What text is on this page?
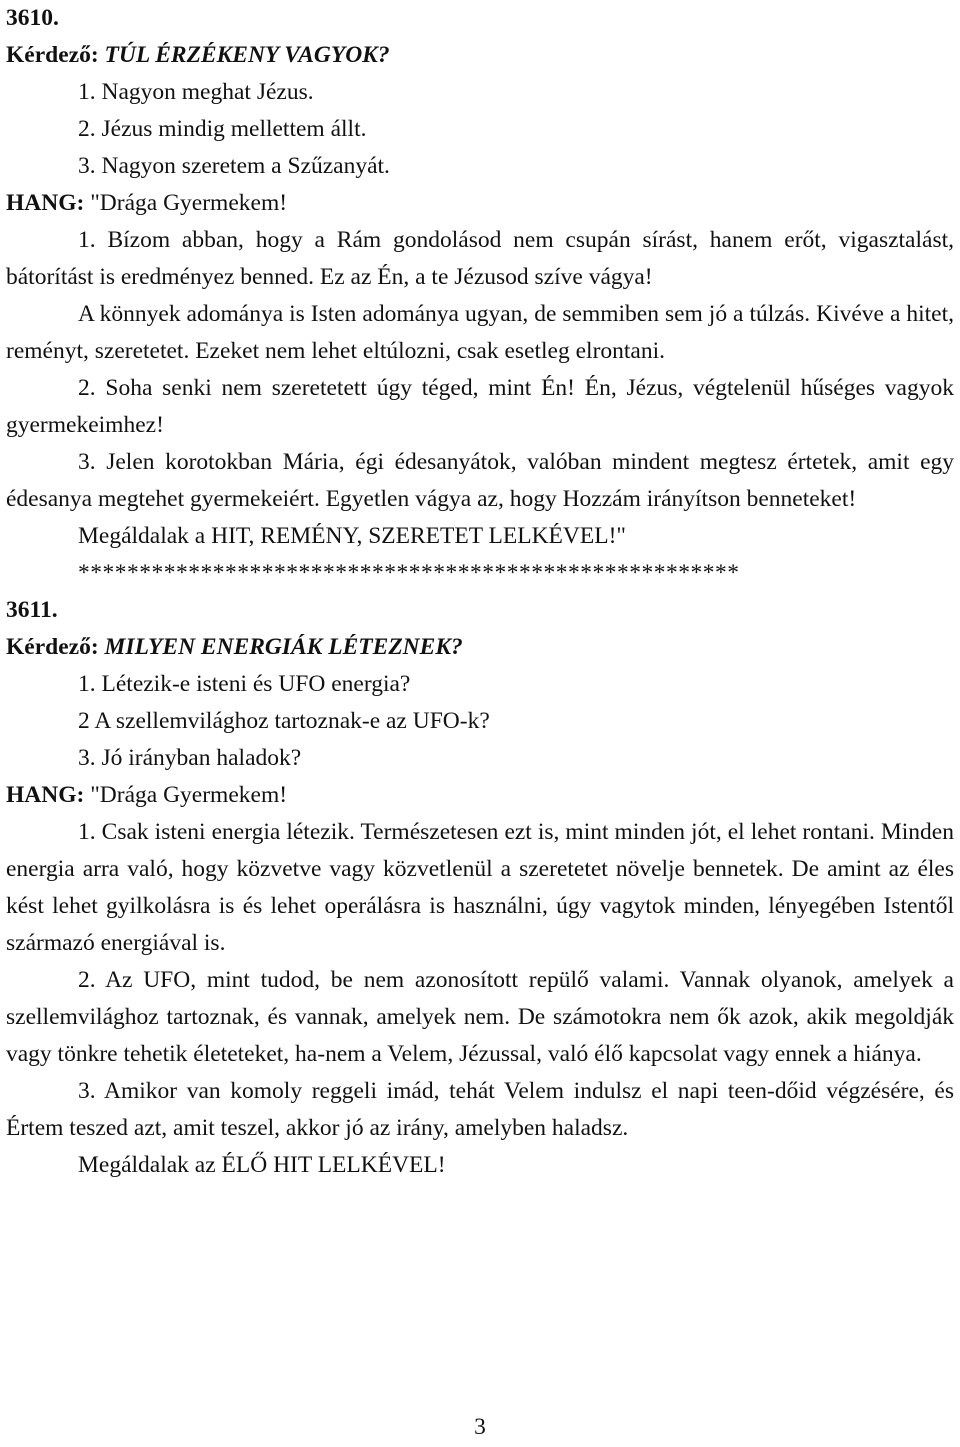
3610.
Kérdező: TÚL ÉRZÉKENY VAGYOK?
1. Nagyon meghat Jézus.
2. Jézus mindig mellettem állt.
3. Nagyon szeretem a Szűzanyát.
HANG: "Drága Gyermekem!
1. Bízom abban, hogy a Rám gondolásod nem csupán sírást, hanem erőt, vigasztalást, bátorítást is eredményez benned. Ez az Én, a te Jézusod szíve vágya!
A könnyek adománya is Isten adománya ugyan, de semmiben sem jó a túlzás. Kivéve a hitet, reményt, szeretetet. Ezeket nem lehet eltúlozni, csak esetleg elrontani.
2. Soha senki nem szeretetett úgy téged, mint Én! Én, Jézus, végtelenül hűséges vagyok gyermekeimhez!
3. Jelen korotokban Mária, égi édesanyátok, valóban mindent megtesz értetek, amit egy édesanya megtehet gyermekeiért. Egyetlen vágya az, hogy Hozzám irányítson benneteket!
Megáldalak a HIT, REMÉNY, SZERETET LELKÉVEL!"
******************************************************
3611.
Kérdező: MILYEN ENERGIÁK LÉTEZNEK?
1. Létezik-e isteni és UFO energia?
2 A szellemvilághoz tartoznak-e az UFO-k?
3. Jó irányban haladok?
HANG: "Drága Gyermekem!
1. Csak isteni energia létezik. Természetesen ezt is, mint minden jót, el lehet rontani. Minden energia arra való, hogy közvetve vagy közvetlenül a szeretetet növelje bennetek. De amint az éles kést lehet gyilkolásra is és lehet operálásra is használni, úgy vagytok minden, lényegében Istentől származó energiával is.
2. Az UFO, mint tudod, be nem azonosított repülő valami. Vannak olyanok, amelyek a szellemvilághoz tartoznak, és vannak, amelyek nem. De számotokra nem ők azok, akik megoldják vagy tönkre tehetik életeteket, ha-nem a Velem, Jézussal, való élő kapcsolat vagy ennek a hiánya.
3. Amikor van komoly reggeli imád, tehát Velem indulsz el napi teen-dőid végzésére, és Értem teszed azt, amit teszel, akkor jó az irány, amelyben haladsz.
Megáldalak az ÉLŐ HIT LELKÉVEL!
3
